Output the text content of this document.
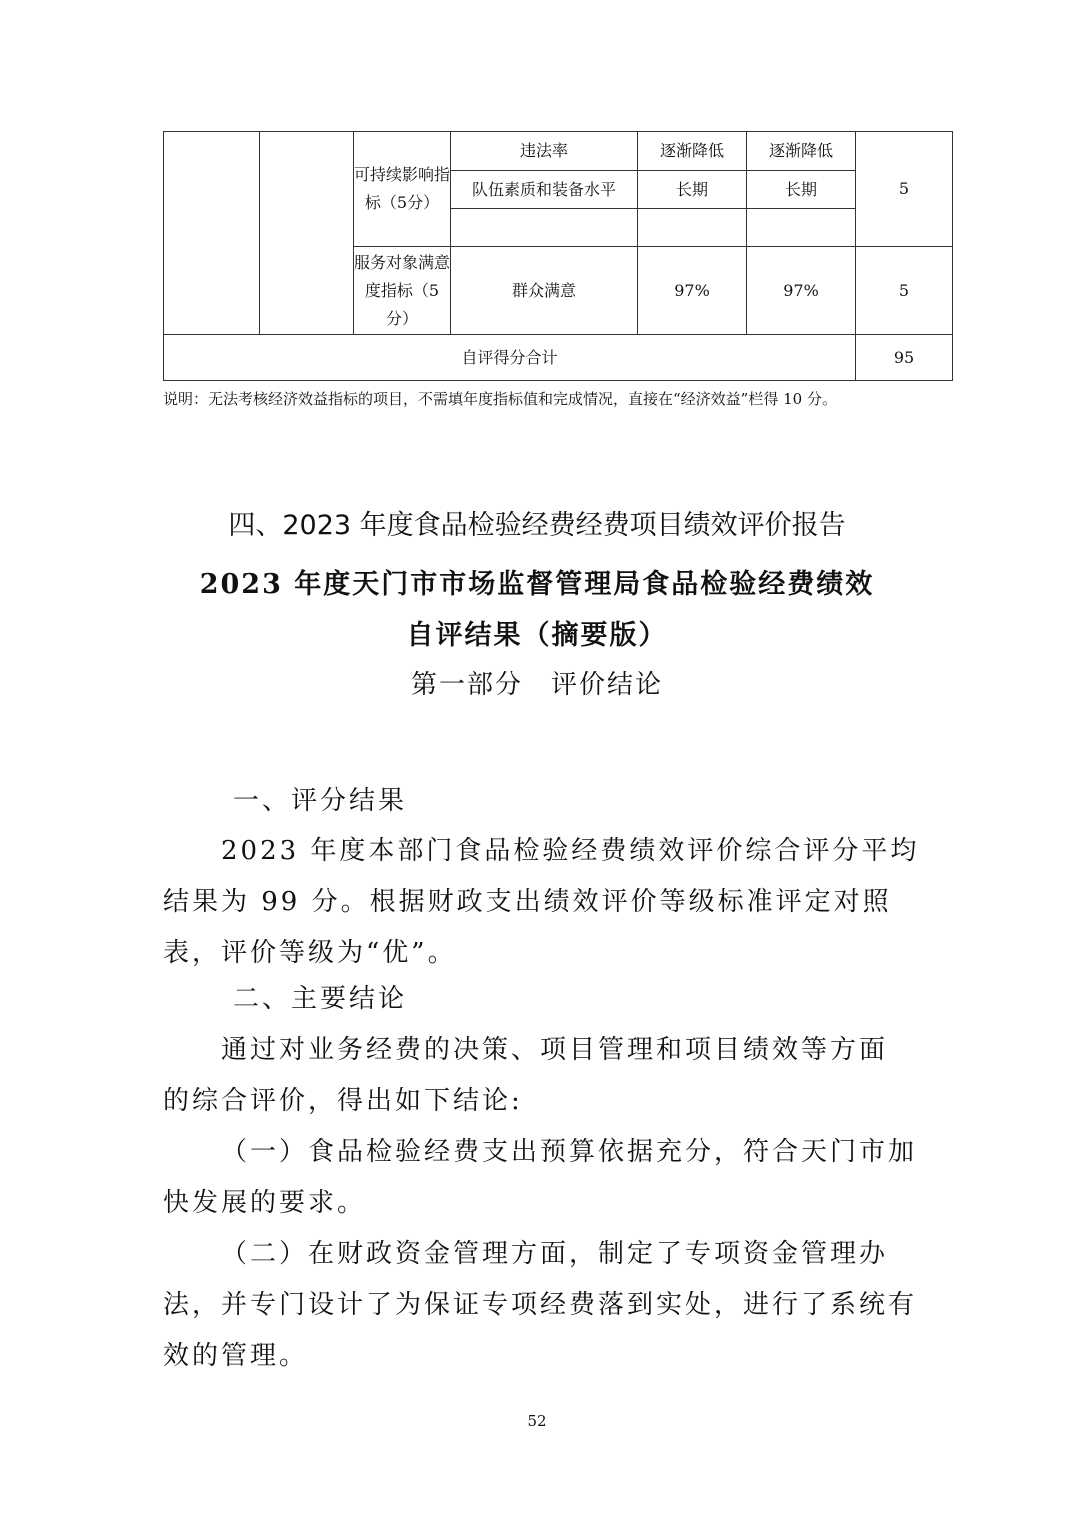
		可持续影响指标（5分）	违法率	逐渐降低	逐渐降低	5
			队伍素质和装备水平	长期	长期	

		服务对象满意度指标（5分）	群众满意	97%	97%	5
自评得分合计						95
说明：无法考核经济效益指标的项目，不需填年度指标值和完成情况，直接在“经济效益”栏得 10 分。
四、2023 年度食品检验经费经费项目绩效评价报告
2023 年度天门市市场监督管理局食品检验经费绩效
自评结果（摘要版）
第一部分　评价结论
一、评分结果
2023 年度本部门食品检验经费绩效评价综合评分平均结果为 99 分。根据财政支出绩效评价等级标准评定对照表，评价等级为“优”。
二、主要结论
通过对业务经费的决策、项目管理和项目绩效等方面的综合评价，得出如下结论:
（一）食品检验经费支出预算依据充分，符合天门市加快发展的要求。
（二）在财政资金管理方面，制定了专项资金管理办法，并专门设计了为保证专项经费落到实处，进行了系统有效的管理。
52
